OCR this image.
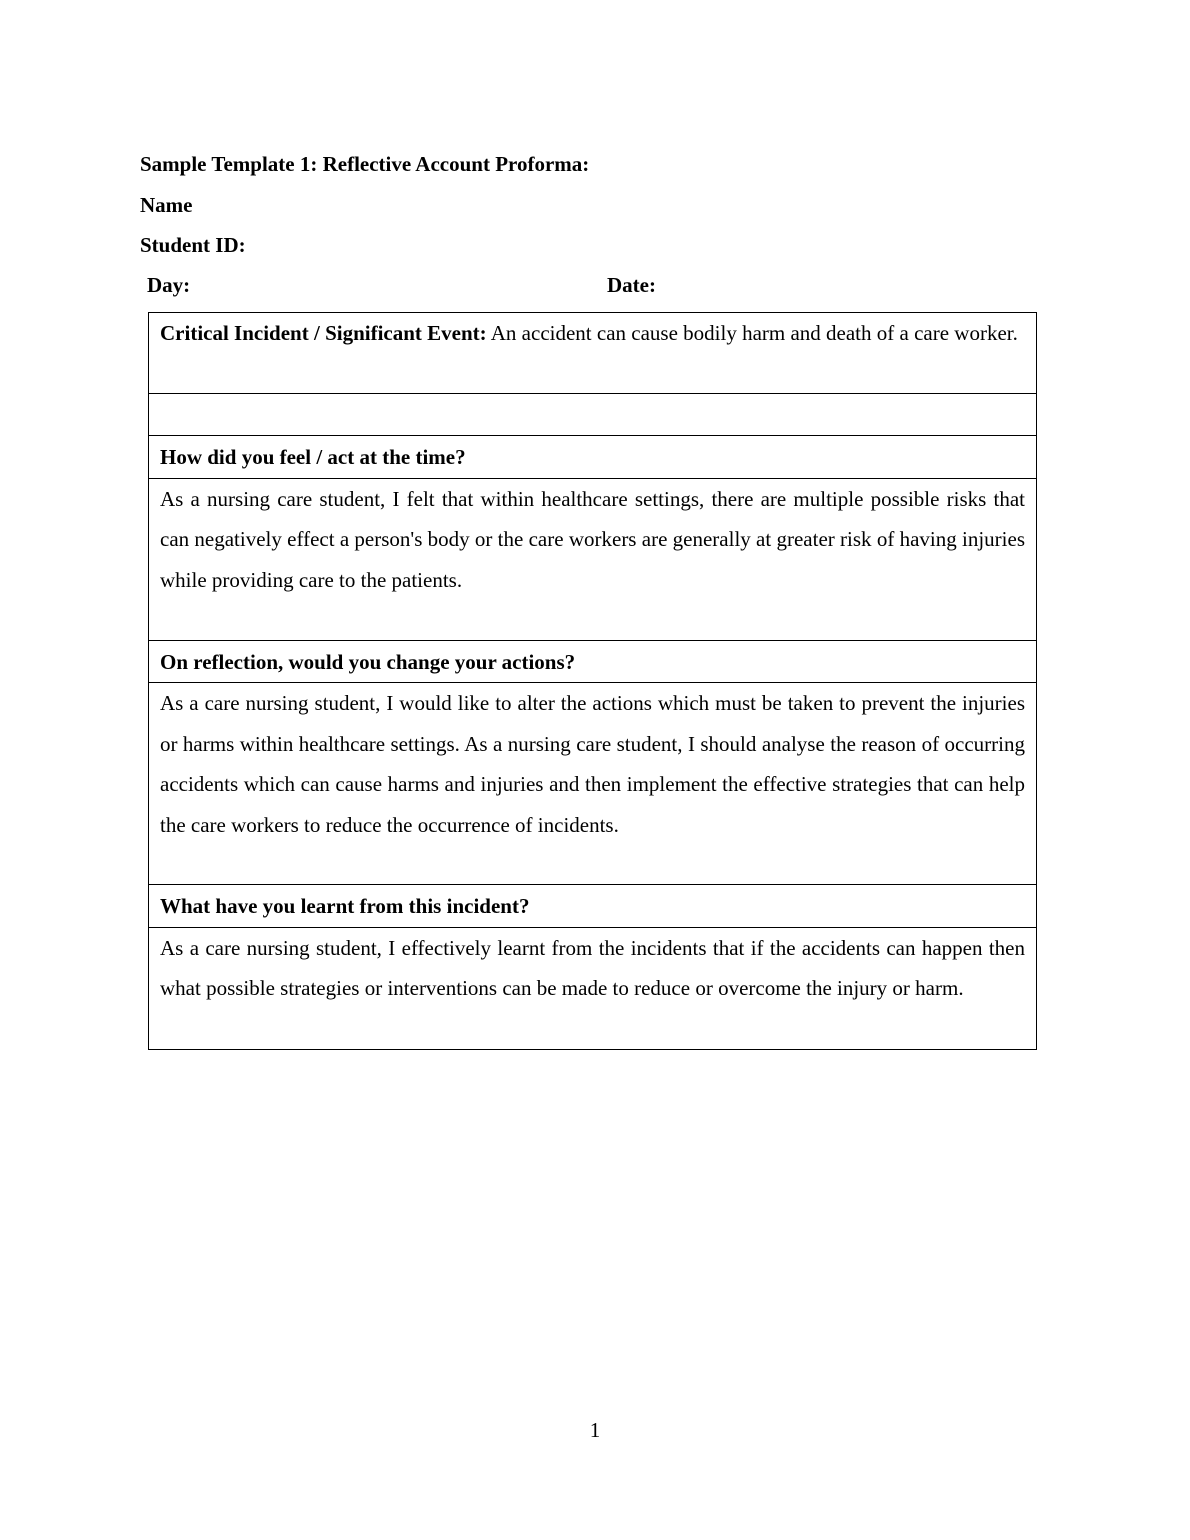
Sample Template 1: Reflective Account Proforma:
Name
Student ID:
Day:	Date:
Critical Incident / Significant Event: An accident can cause bodily harm and death of a care worker.

How did you feel / act at the time?

As a nursing care student, I felt that within healthcare settings, there are multiple possible risks that can negatively effect a person's body or the care workers are generally at greater risk of having injuries while providing care to the patients.

On reflection, would you change your actions?

As a care nursing student, I would like to alter the actions which must be taken to prevent the injuries or harms within healthcare settings. As a nursing care student, I should analyse the reason of occurring accidents which can cause harms and injuries and then implement the effective strategies that can help the care workers to reduce the occurrence of incidents.

What have you learnt from this incident?

As a care nursing student, I effectively learnt from the incidents that if the accidents can happen then what possible strategies or interventions can be made to reduce or overcome the injury or harm.
1
